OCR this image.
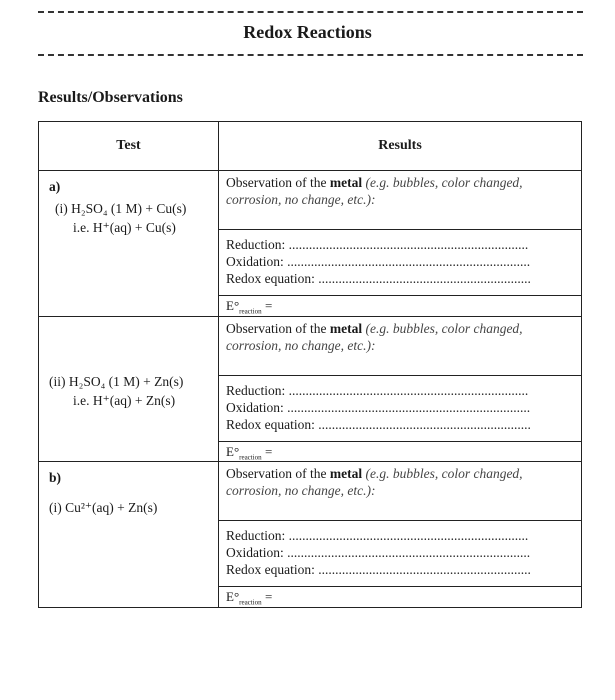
Redox Reactions
Results/Observations
Test	Results

a)
(i) H₂SO₄ (1 M) + Cu(s)
i.e. H⁺(aq) + Cu(s)	Observation of the metal (e.g. bubbles, color changed, corrosion, no change, etc.):

	Reduction: .......................................................................
Oxidation: ........................................................................
Redox equation: ...............................................................

	$E^\circ_{reaction}$ =

(ii) H₂SO₄ (1 M) + Zn(s)
i.e. H⁺(aq) + Zn(s)	Observation of the metal (e.g. bubbles, color changed, corrosion, no change, etc.):

	Reduction: .......................................................................
Oxidation: ........................................................................
Redox equation: ...............................................................

	$E^\circ_{reaction}$ =

b)
(i) Cu²⁺(aq) + Zn(s)	Observation of the metal (e.g. bubbles, color changed, corrosion, no change, etc.):

	Reduction: .......................................................................
Oxidation: ........................................................................
Redox equation: ...............................................................

	$E^\circ_{reaction}$ =
